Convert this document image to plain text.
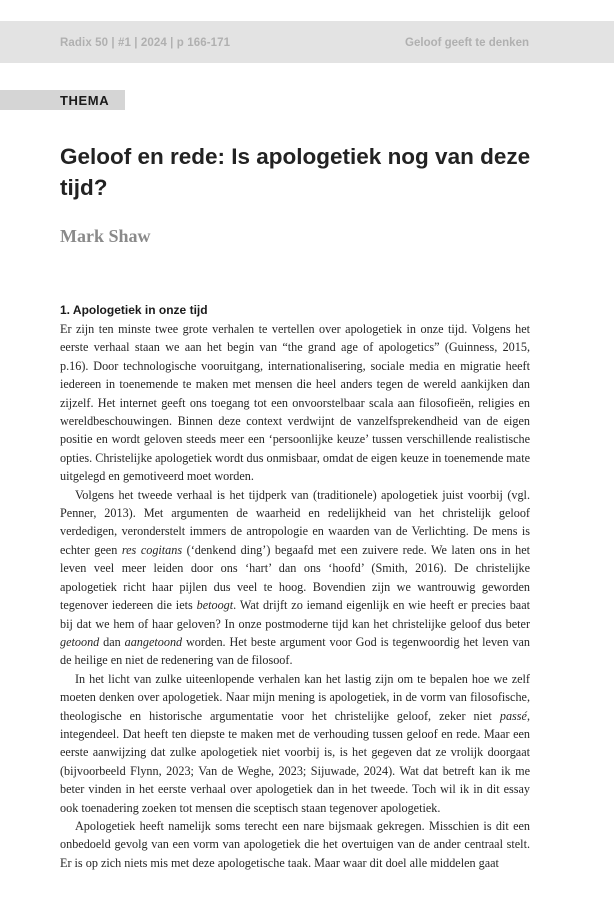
Radix 50 | #1 | 2024 | p 166-171	Geloof geeft te denken
THEMA
Geloof en rede: Is apologetiek nog van deze tijd?
Mark Shaw
1. Apologetiek in onze tijd

Er zijn ten minste twee grote verhalen te vertellen over apologetiek in onze tijd. Volgens het eerste verhaal staan we aan het begin van “the grand age of apologetics” (Guinness, 2015, p.16). Door technologische vooruitgang, internationalisering, sociale media en migratie heeft iedereen in toenemende te maken met mensen die heel anders tegen de wereld aankijken dan zijzelf. Het internet geeft ons toegang tot een onvoorstelbaar scala aan filosofieën, religies en wereldbeschouwingen. Binnen deze context verdwijnt de vanzelfsprekendheid van de eigen positie en wordt geloven steeds meer een ‘persoonlijke keuze’ tussen verschillende realistische opties. Christelijke apologetiek wordt dus onmisbaar, omdat de eigen keuze in toenemende mate uitgelegd en gemotiveerd moet worden.

Volgens het tweede verhaal is het tijdperk van (traditionele) apologetiek juist voorbij (vgl. Penner, 2013). Met argumenten de waarheid en redelijkheid van het christelijk geloof verdedigen, veronderstelt immers de antropologie en waarden van de Verlichting. De mens is echter geen res cogitans (‘denkend ding’) begaafd met een zuivere rede. We laten ons in het leven veel meer leiden door ons ‘hart’ dan ons ‘hoofd’ (Smith, 2016). De christelijke apologetiek richt haar pijlen dus veel te hoog. Bovendien zijn we wantrouwig geworden tegenover iedereen die iets betoogt. Wat drijft zo iemand eigenlijk en wie heeft er precies baat bij dat we hem of haar geloven? In onze postmoderne tijd kan het christelijke geloof dus beter getoond dan aangetoond worden. Het beste argument voor God is tegenwoordig het leven van de heilige en niet de redenering van de filosoof.

In het licht van zulke uiteenlopende verhalen kan het lastig zijn om te bepalen hoe we zelf moeten denken over apologetiek. Naar mijn mening is apologetiek, in de vorm van filosofische, theologische en historische argumentatie voor het christelijke geloof, zeker niet passé, integendeel. Dat heeft ten diepste te maken met de verhouding tussen geloof en rede. Maar een eerste aanwijzing dat zulke apologetiek niet voorbij is, is het gegeven dat ze vrolijk doorgaat (bijvoorbeeld Flynn, 2023; Van de Weghe, 2023; Sijuwade, 2024). Wat dat betreft kan ik me beter vinden in het eerste verhaal over apologetiek dan in het tweede. Toch wil ik in dit essay ook toenadering zoeken tot mensen die sceptisch staan tegenover apologetiek.

Apologetiek heeft namelijk soms terecht een nare bijsmaak gekregen. Misschien is dit een onbedoeld gevolg van een vorm van apologetiek die het overtuigen van de ander centraal stelt. Er is op zich niets mis met deze apologetische taak. Maar waar dit doel alle middelen gaat
